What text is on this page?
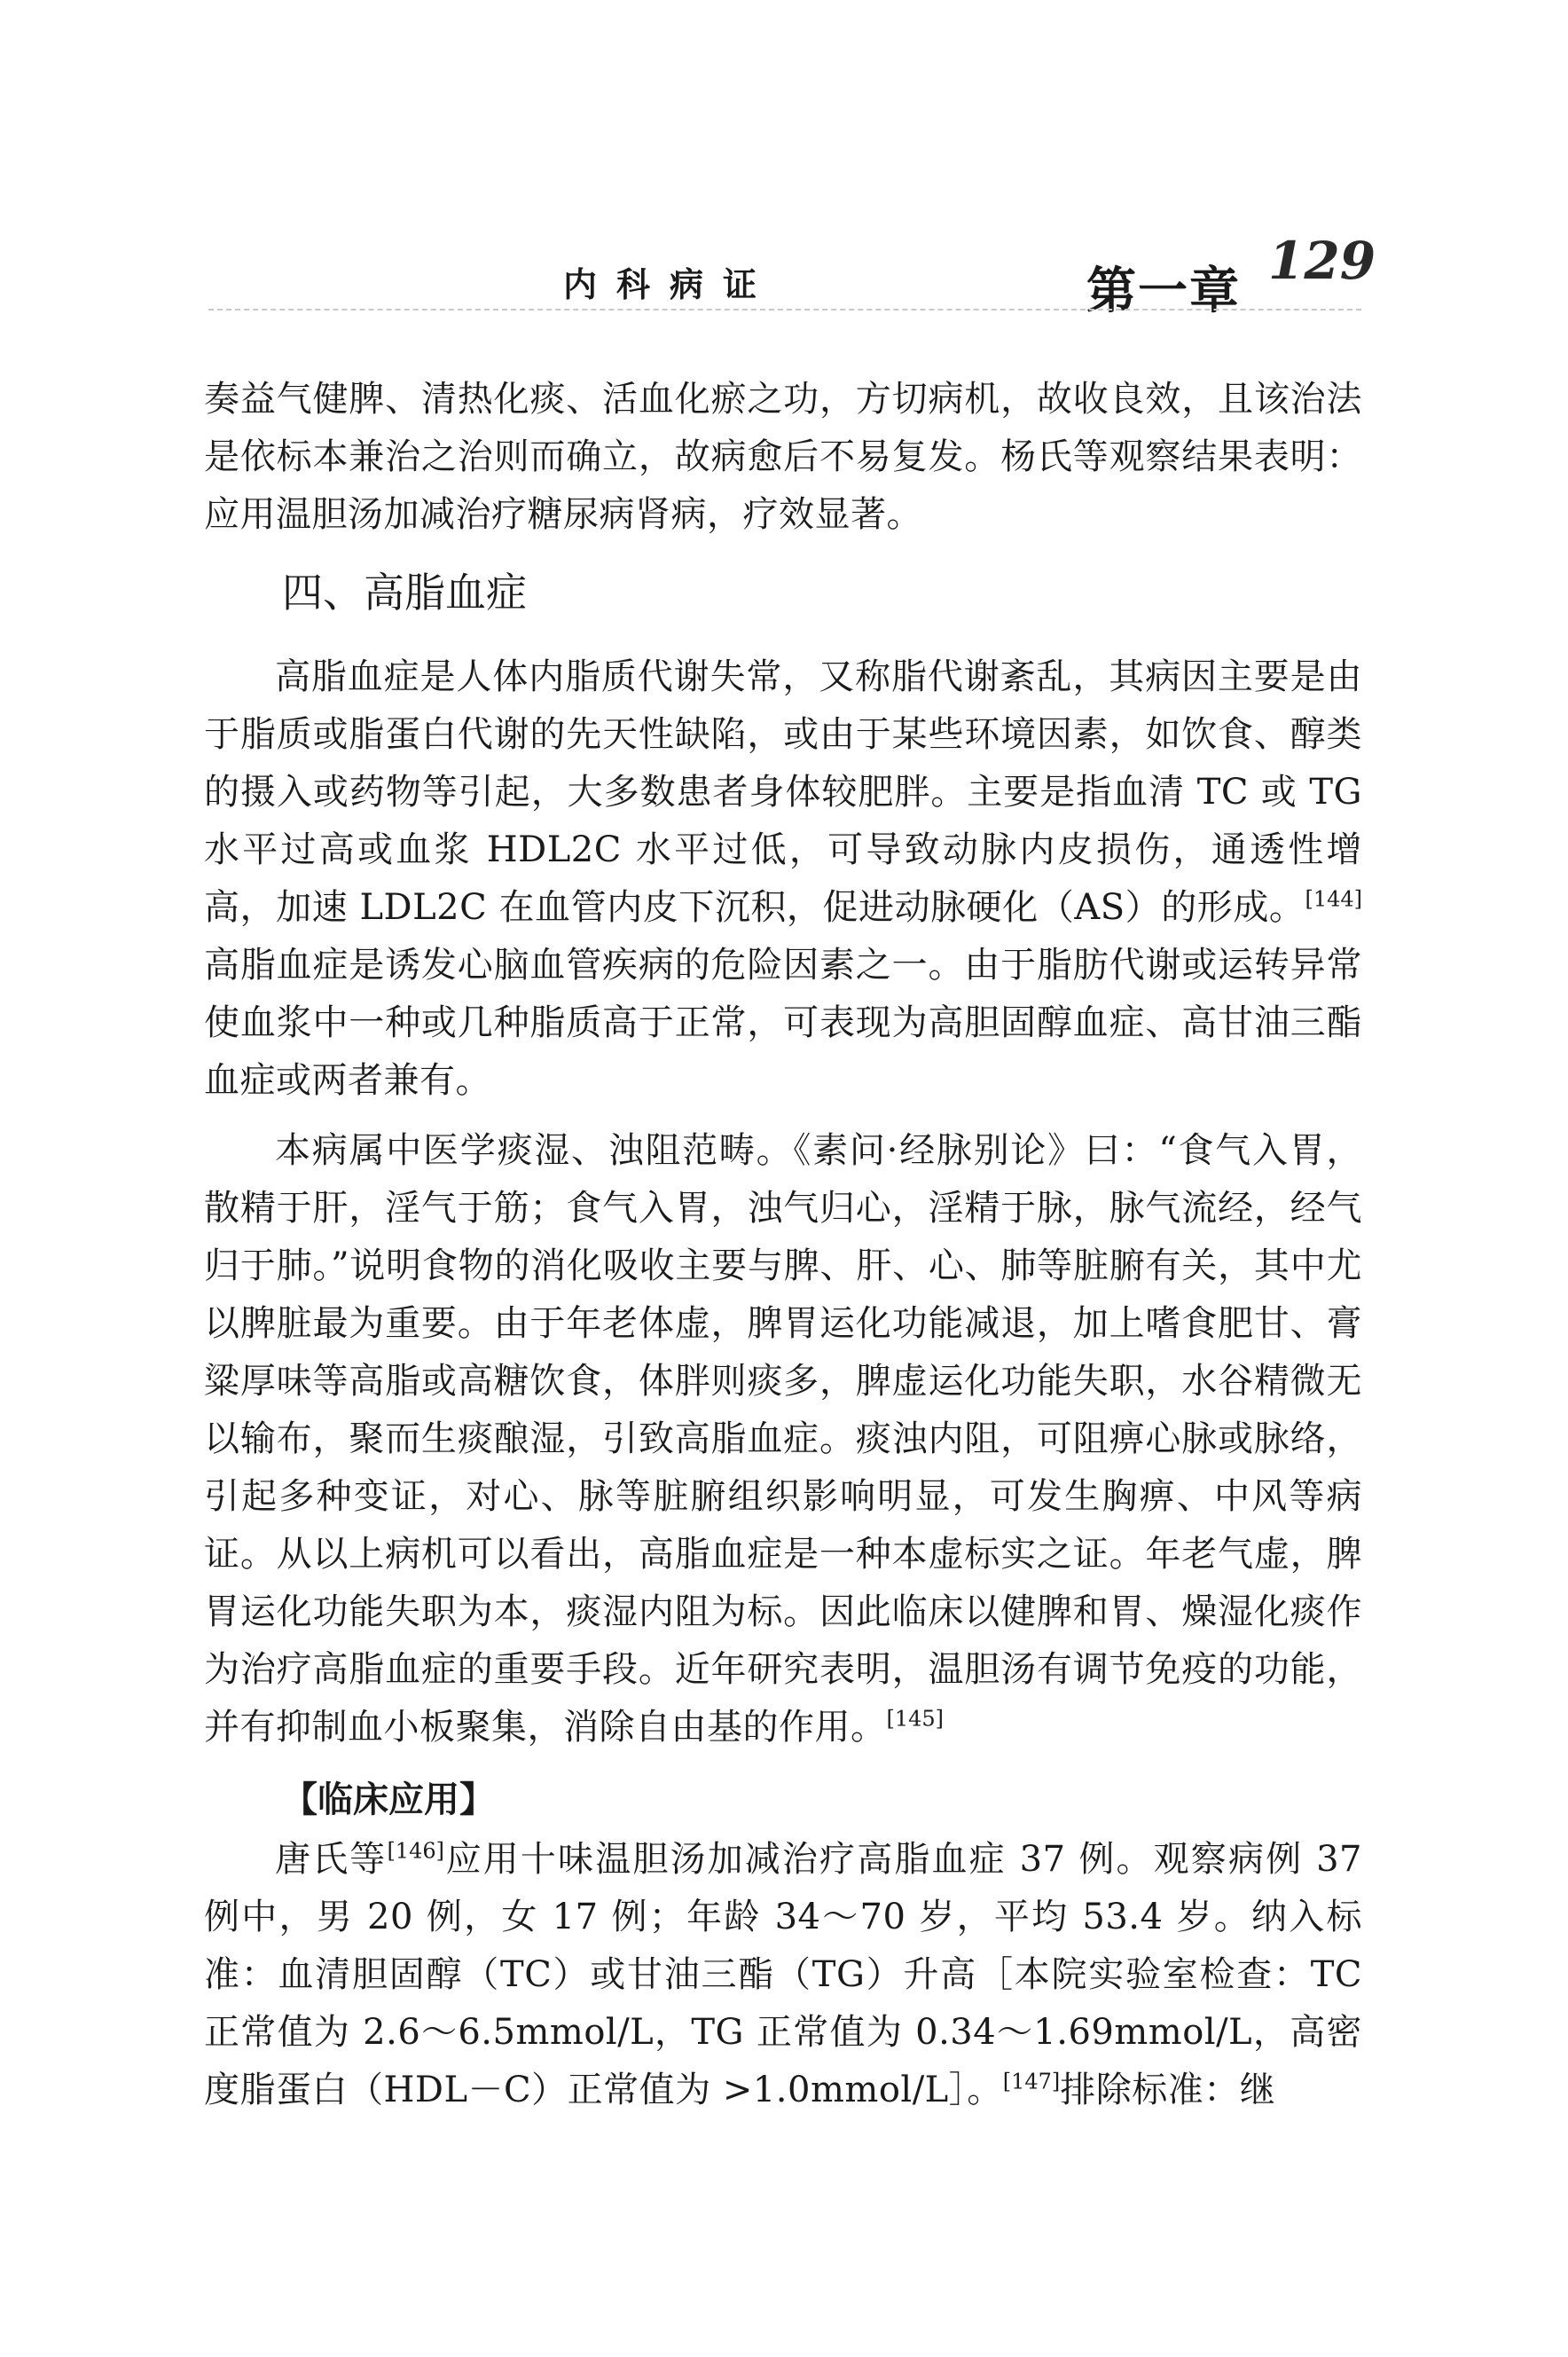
内科病证	第一章
129

奏益气健脾、清热化痰、活血化瘀之功，方切病机，故收良效，且该治法是依标本兼治之治则而确立，故病愈后不易复发。杨氏等观察结果表明：应用温胆汤加减治疗糖尿病肾病，疗效显著。

四、高脂血症

高脂血症是人体内脂质代谢失常，又称脂代谢紊乱，其病因主要是由于脂质或脂蛋白代谢的先天性缺陷，或由于某些环境因素，如饮食、醇类的摄入或药物等引起，大多数患者身体较肥胖。主要是指血清 TC 或 TG 水平过高或血浆 HDL2C 水平过低，可导致动脉内皮损伤，通透性增高，加速 LDL2C 在血管内皮下沉积，促进动脉硬化（AS）的形成。[144]高脂血症是诱发心脑血管疾病的危险因素之一。由于脂肪代谢或运转异常使血浆中一种或几种脂质高于正常，可表现为高胆固醇血症、高甘油三酯血症或两者兼有。

本病属中医学痰湿、浊阻范畴。《素问·经脉别论》曰：“食气入胃，散精于肝，淫气于筋；食气入胃，浊气归心，淫精于脉，脉气流经，经气归于肺。”说明食物的消化吸收主要与脾、肝、心、肺等脏腑有关，其中尤以脾脏最为重要。由于年老体虚，脾胃运化功能减退，加上嗜食肥甘、膏粱厚味等高脂或高糖饮食，体胖则痰多，脾虚运化功能失职，水谷精微无以输布，聚而生痰酿湿，引致高脂血症。痰浊内阻，可阻痹心脉或脉络，引起多种变证，对心、脉等脏腑组织影响明显，可发生胸痹、中风等病证。从以上病机可以看出，高脂血症是一种本虚标实之证。年老气虚，脾胃运化功能失职为本，痰湿内阻为标。因此临床以健脾和胃、燥湿化痰作为治疗高脂血症的重要手段。近年研究表明，温胆汤有调节免疫的功能，并有抑制血小板聚集，消除自由基的作用。[145]

【临床应用】

唐氏等[146]应用十味温胆汤加减治疗高脂血症 37 例。观察病例 37 例中，男 20 例，女 17 例；年龄 34～70 岁，平均 53.4 岁。纳入标准：血清胆固醇（TC）或甘油三酯（TG）升高［本院实验室检查：TC 正常值为 2.6～6.5mmol/L，TG 正常值为 0.34～1.69mmol/L，高密度脂蛋白（HDL－C）正常值为 >1.0mmol/L］。[147]排除标准：继
